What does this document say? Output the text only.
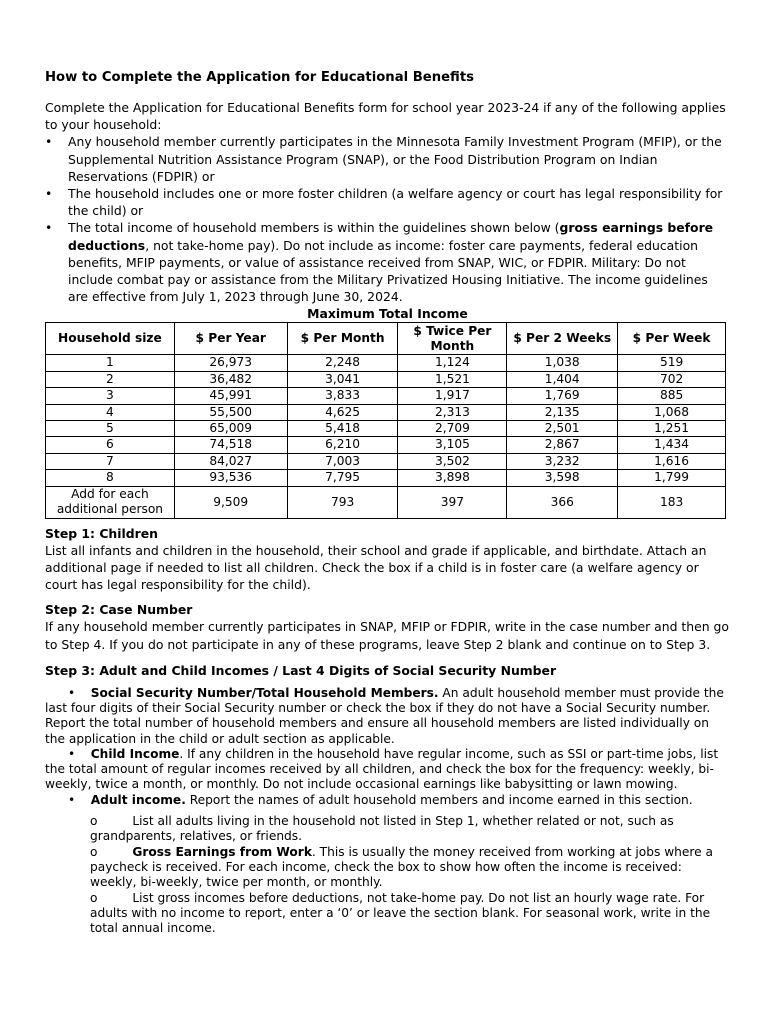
How to Complete the Application for Educational Benefits

Complete the Application for Educational Benefits form for school year 2023-24 if any of the following applies to your household:

•	Any household member currently participates in the Minnesota Family Investment Program (MFIP), or the Supplemental Nutrition Assistance Program (SNAP), or the Food Distribution Program on Indian Reservations (FDPIR) or
•	The household includes one or more foster children (a welfare agency or court has legal responsibility for the child) or
•	The total income of household members is within the guidelines shown below (gross earnings before deductions, not take-home pay). Do not include as income: foster care payments, federal education benefits, MFIP payments, or value of assistance received from SNAP, WIC, or FDPIR. Military: Do not include combat pay or assistance from the Military Privatized Housing Initiative. The income guidelines are effective from July 1, 2023 through June 30, 2024.
Maximum Total Income
Household size	$ Per Year	$ Per Month	$ Twice Per Month	$ Per 2 Weeks	$ Per Week
1	26,973	2,248	1,124	1,038	519
2	36,482	3,041	1,521	1,404	702
3	45,991	3,833	1,917	1,769	885
4	55,500	4,625	2,313	2,135	1,068
5	65,009	5,418	2,709	2,501	1,251
6	74,518	6,210	3,105	2,867	1,434
7	84,027	7,003	3,502	3,232	1,616
8	93,536	7,795	3,898	3,598	1,799
Add for each additional person	9,509	793	397	366	183
Step 1: Children

List all infants and children in the household, their school and grade if applicable, and birthdate. Attach an additional page if needed to list all children. Check the box if a child is in foster care (a welfare agency or court has legal responsibility for the child).

Step 2: Case Number

If any household member currently participates in SNAP, MFIP or FDPIR, write in the case number and then go to Step 4. If you do not participate in any of these programs, leave Step 2 blank and continue on to Step 3.

Step 3: Adult and Child Incomes / Last 4 Digits of Social Security Number
• Social Security Number/Total Household Members. An adult household member must provide the last four digits of their Social Security number or check the box if they do not have a Social Security number. Report the total number of household members and ensure all household members are listed individually on the application in the child or adult section as applicable.
• Child Income. If any children in the household have regular income, such as SSI or part-time jobs, list the total amount of regular incomes received by all children, and check the box for the frequency: weekly, bi-weekly, twice a month, or monthly. Do not include occasional earnings like babysitting or lawn mowing.
• Adult income. Report the names of adult household members and income earned in this section.
o	List all adults living in the household not listed in Step 1, whether related or not, such as grandparents, relatives, or friends.
o	Gross Earnings from Work. This is usually the money received from working at jobs where a paycheck is received. For each income, check the box to show how often the income is received: weekly, bi-weekly, twice per month, or monthly.
o	List gross incomes before deductions, not take-home pay. Do not list an hourly wage rate. For adults with no income to report, enter a ‘0’ or leave the section blank. For seasonal work, write in the total annual income.
